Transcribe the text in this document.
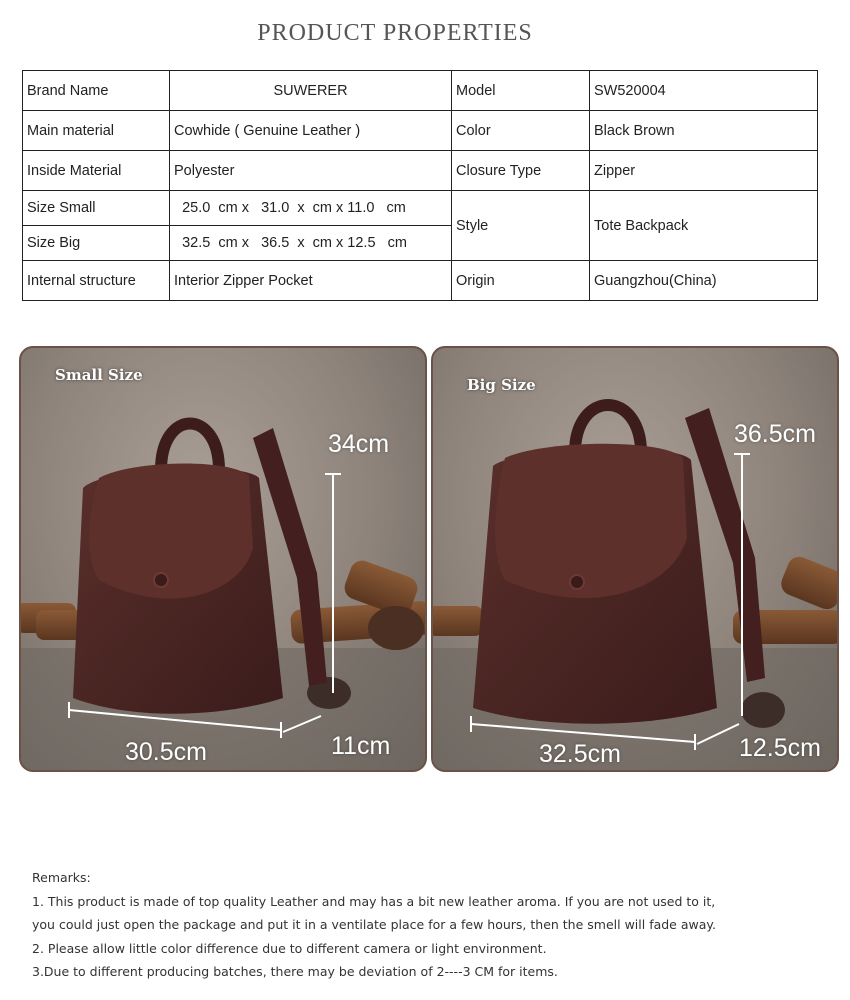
PRODUCT PROPERTIES
Brand Name	SUWERER	Model	SW520004
Main material	Cowhide ( Genuine Leather )	Color	Black Brown
Inside Material	Polyester	Closure Type	Zipper
Size Small	25.0 cm x 31.0 x cm x 11.0 cm	Style	Tote Backpack
Size Big	32.5 cm x 36.5 x cm x 12.5 cm		
Internal structure	Interior Zipper Pocket	Origin	Guangzhou(China)
Small Size
34cm
30.5cm	11cm
Big Size
36.5cm
32.5cm	12.5cm
Remarks:
1. This product is made of top quality Leather and may has a bit new leather aroma. If you are not used to it,
you could just open the package and put it in a ventilate place for a few hours, then the smell will fade away.
2. Please allow little color difference due to different camera or light environment.
3.Due to different producing batches, there may be deviation of 2----3 CM for items.
